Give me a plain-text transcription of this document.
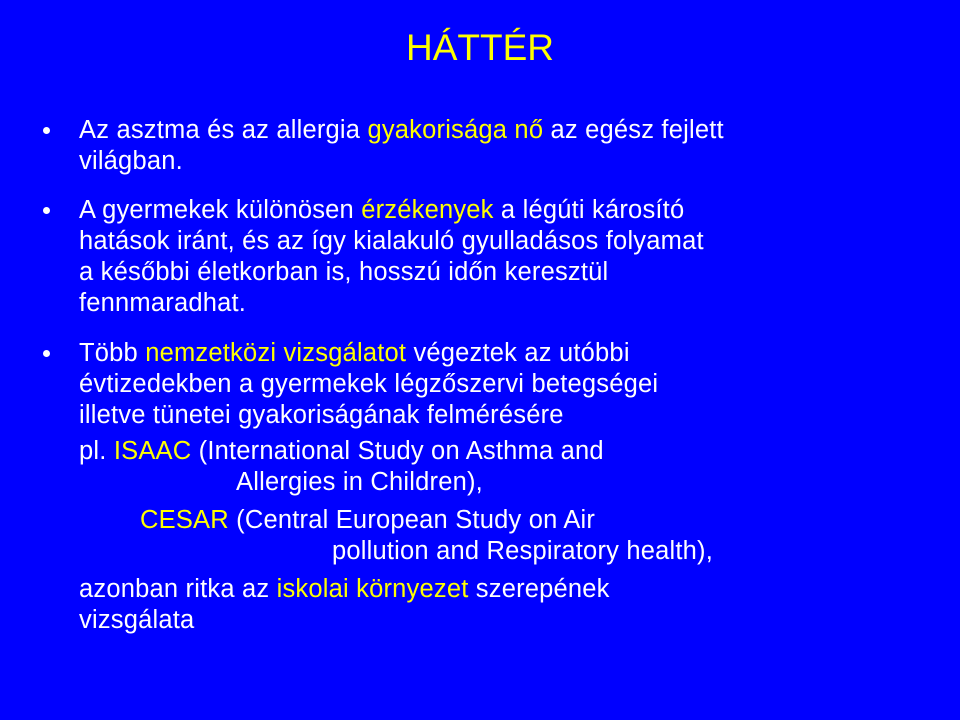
HÁTTÉR
Az asztma és az allergia gyakorisága nő az egész fejlett
világban.
A gyermekek különösen érzékenyek a légúti károsító
hatások iránt, és az így kialakuló gyulladásos folyamat
a későbbi életkorban is, hosszú időn keresztül
fennmaradhat.
Több nemzetközi vizsgálatot végeztek az utóbbi
évtizedekben a gyermekek légzőszervi betegségei
illetve tünetei gyakoriságának felmérésére
pl. ISAAC (International Study on Asthma and
Allergies in Children),
CESAR (Central European Study on Air
pollution and Respiratory health),
azonban ritka az iskolai környezet szerepének
vizsgálata
